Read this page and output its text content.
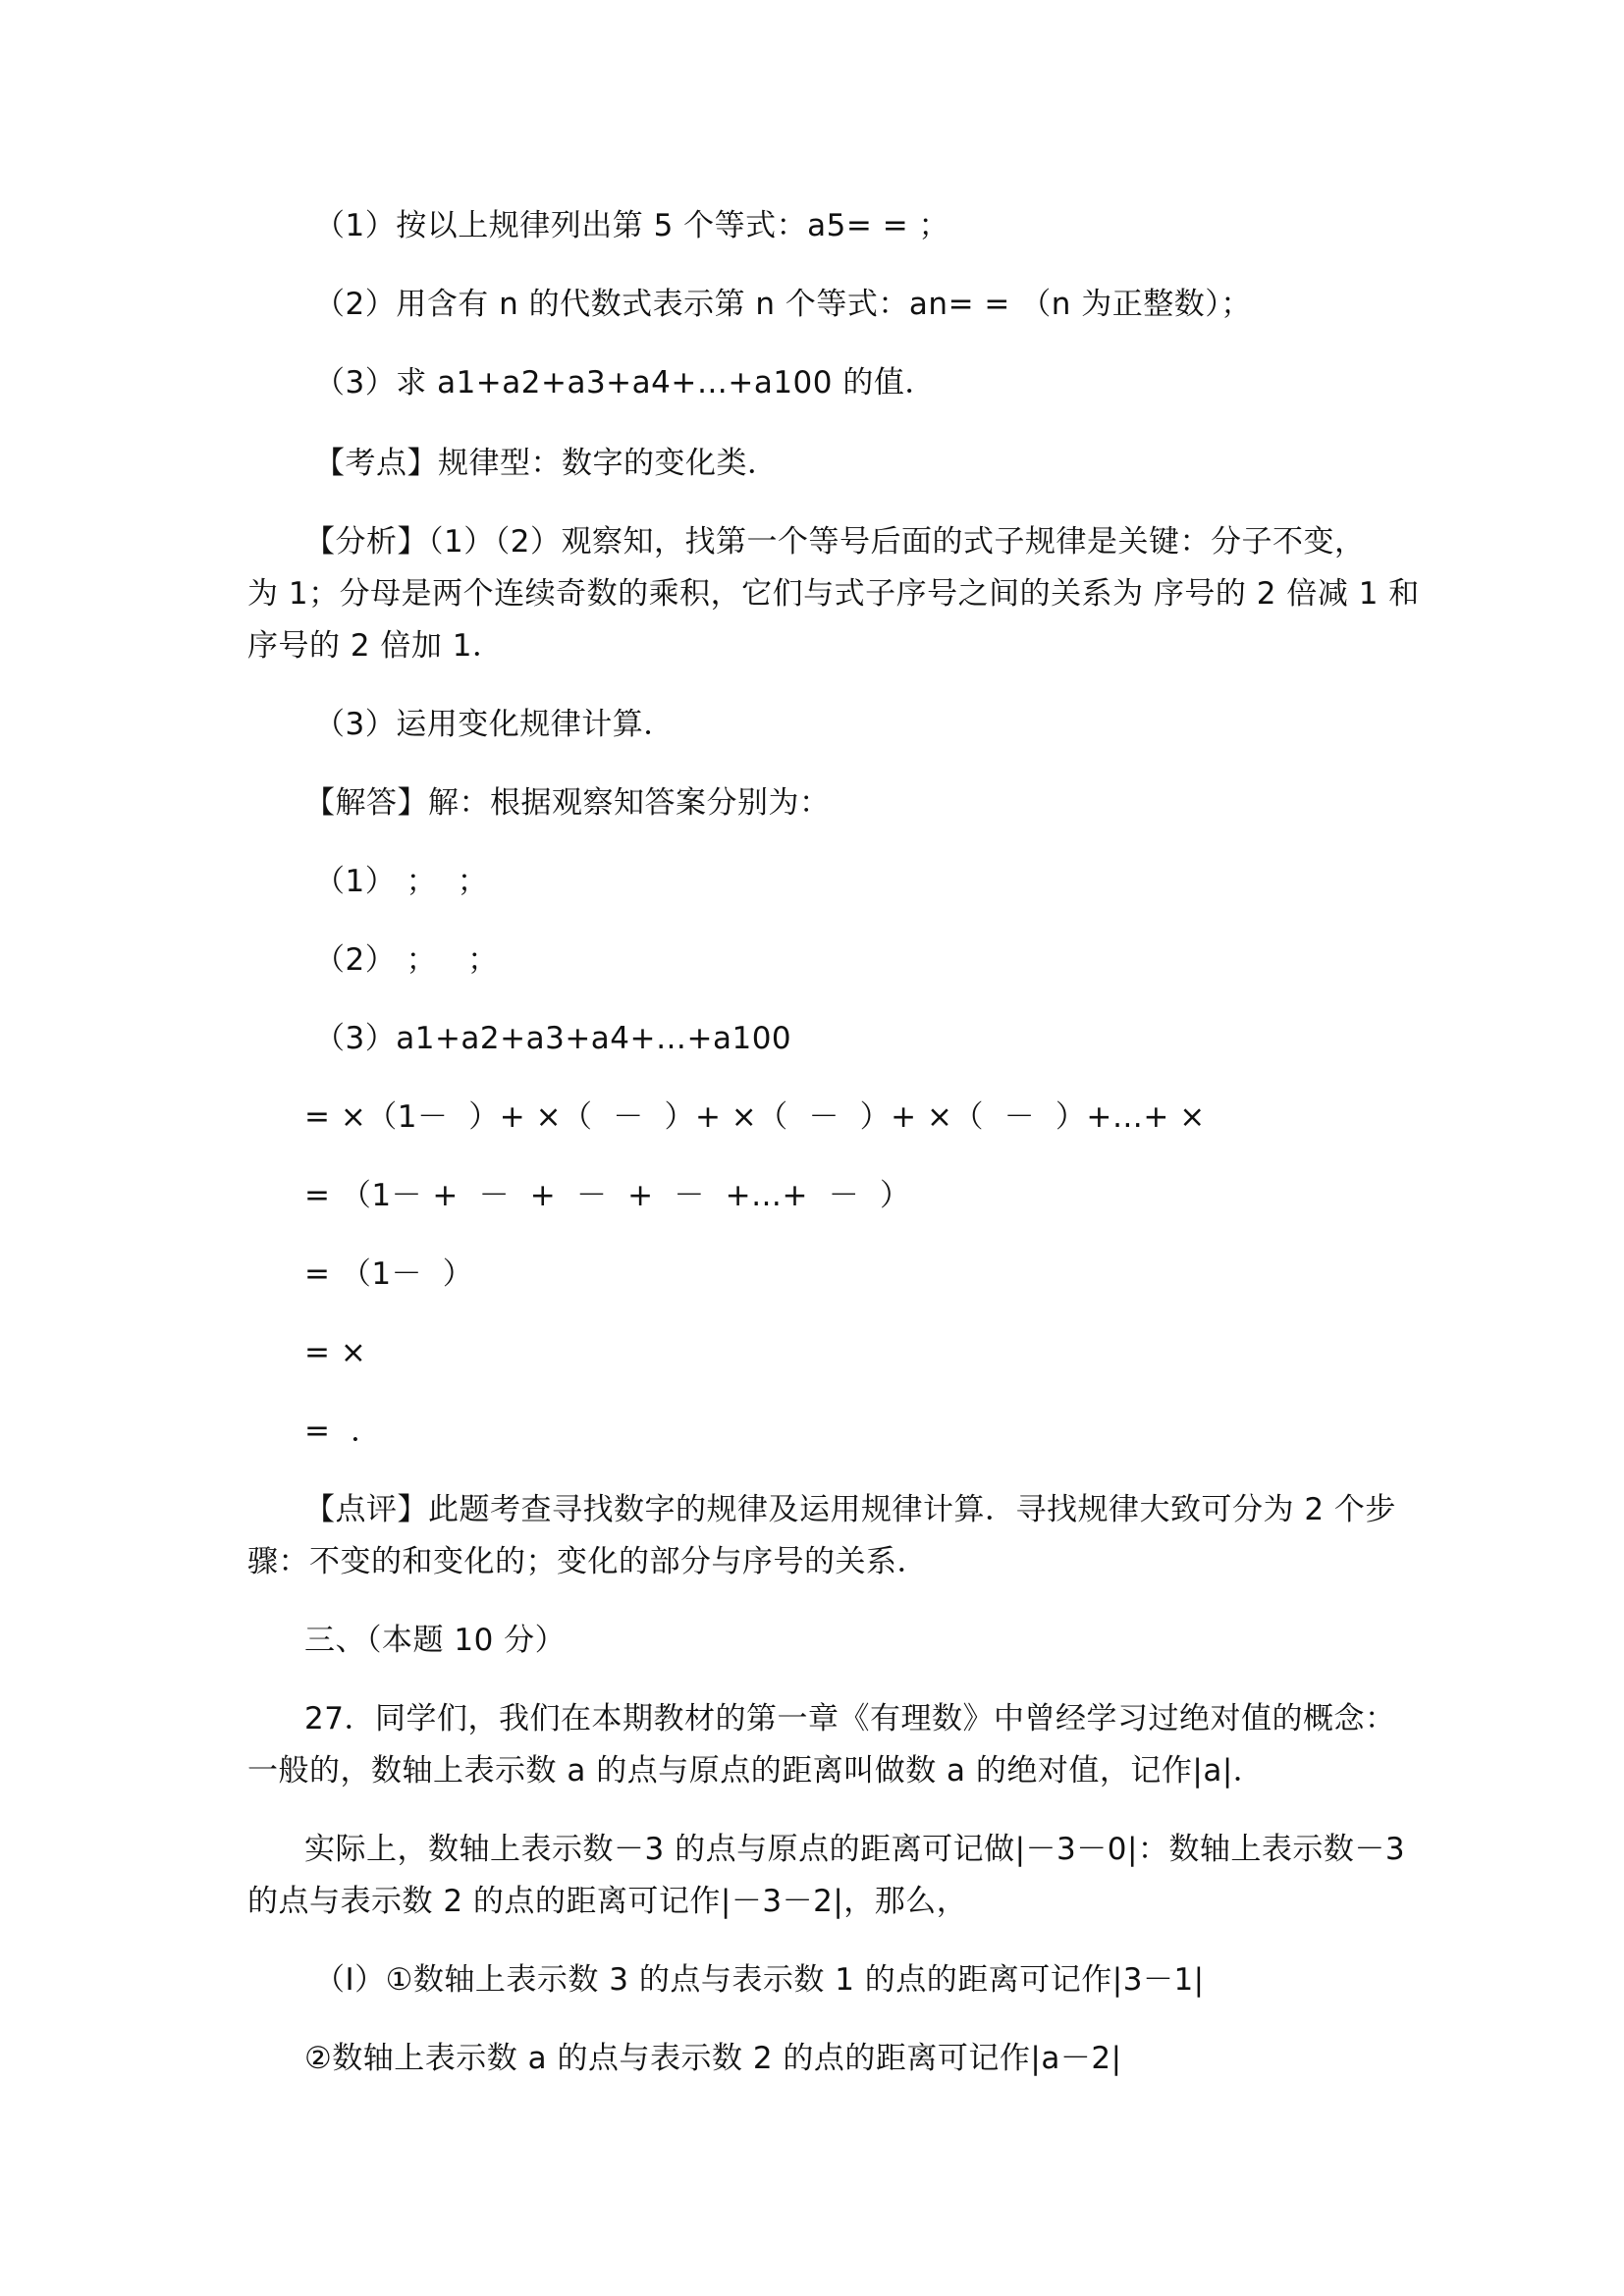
（1）按以上规律列出第 5 个等式：a5= = ；
（2）用含有 n 的代数式表示第 n 个等式：an= = （n 为正整数）；
（3）求 a1+a2+a3+a4+…+a100 的值．
【考点】规律型：数字的变化类．
【分析】（1）（2）观察知，找第一个等号后面的式子规律是关键：分子不变，
为 1；分母是两个连续奇数的乘积，它们与式子序号之间的关系为 序号的 2 倍减 1 和
序号的 2 倍加 1．
（3）运用变化规律计算．
【解答】解：根据观察知答案分别为：
（1） ；  ；
（2） ；   ；
（3）a1+a2+a3+a4+…+a100
= ×（1－  ）+ ×（  －  ）+ ×（  －  ）+ ×（  －  ）+…+ ×
= （1－ +  －  +  －  +  －  +…+  －  ）
= （1－  ）
= ×
=  ．
【点评】此题考查寻找数字的规律及运用规律计算．寻找规律大致可分为 2 个步
骤：不变的和变化的；变化的部分与序号的关系．
三、（本题 10 分）
27．同学们，我们在本期教材的第一章《有理数》中曾经学习过绝对值的概念：
一般的，数轴上表示数 a 的点与原点的距离叫做数 a 的绝对值，记作|a|．
实际上，数轴上表示数－3 的点与原点的距离可记做|－3－0|：数轴上表示数－3
的点与表示数 2 的点的距离可记作|－3－2|，那么，
（Ⅰ）①数轴上表示数 3 的点与表示数 1 的点的距离可记作|3－1|
②数轴上表示数 a 的点与表示数 2 的点的距离可记作|a－2|
